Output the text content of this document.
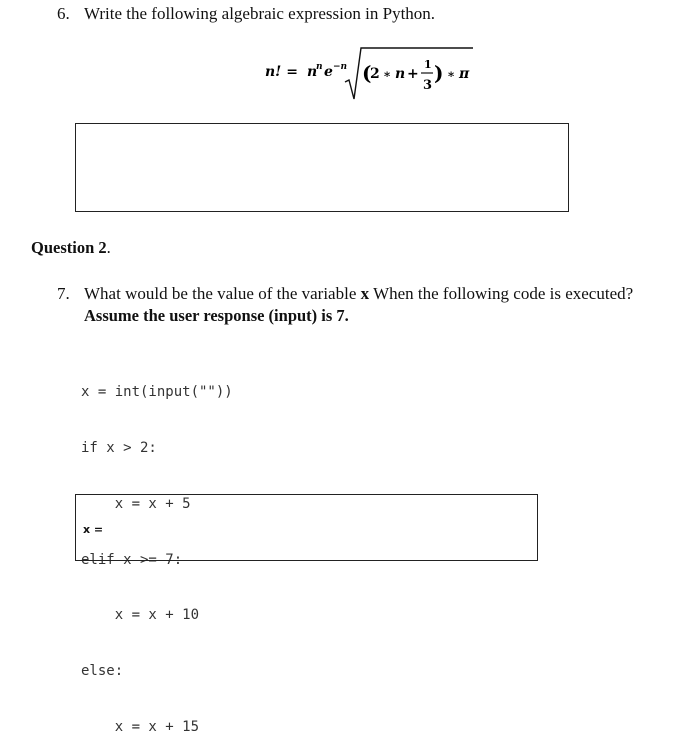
6. Write the following algebraic expression in Python.
n! = n
n e −n (
2 ∗ n +
1
3
) ∗ π
Question 2.
7. What would be the value of the variable x When the following code is executed?
Assume the user response (input) is 7.

x = int(input(""))

if x > 2:

x = x + 5

elif x >= 7:

x = x + 10

else:

x = x + 15

x =
